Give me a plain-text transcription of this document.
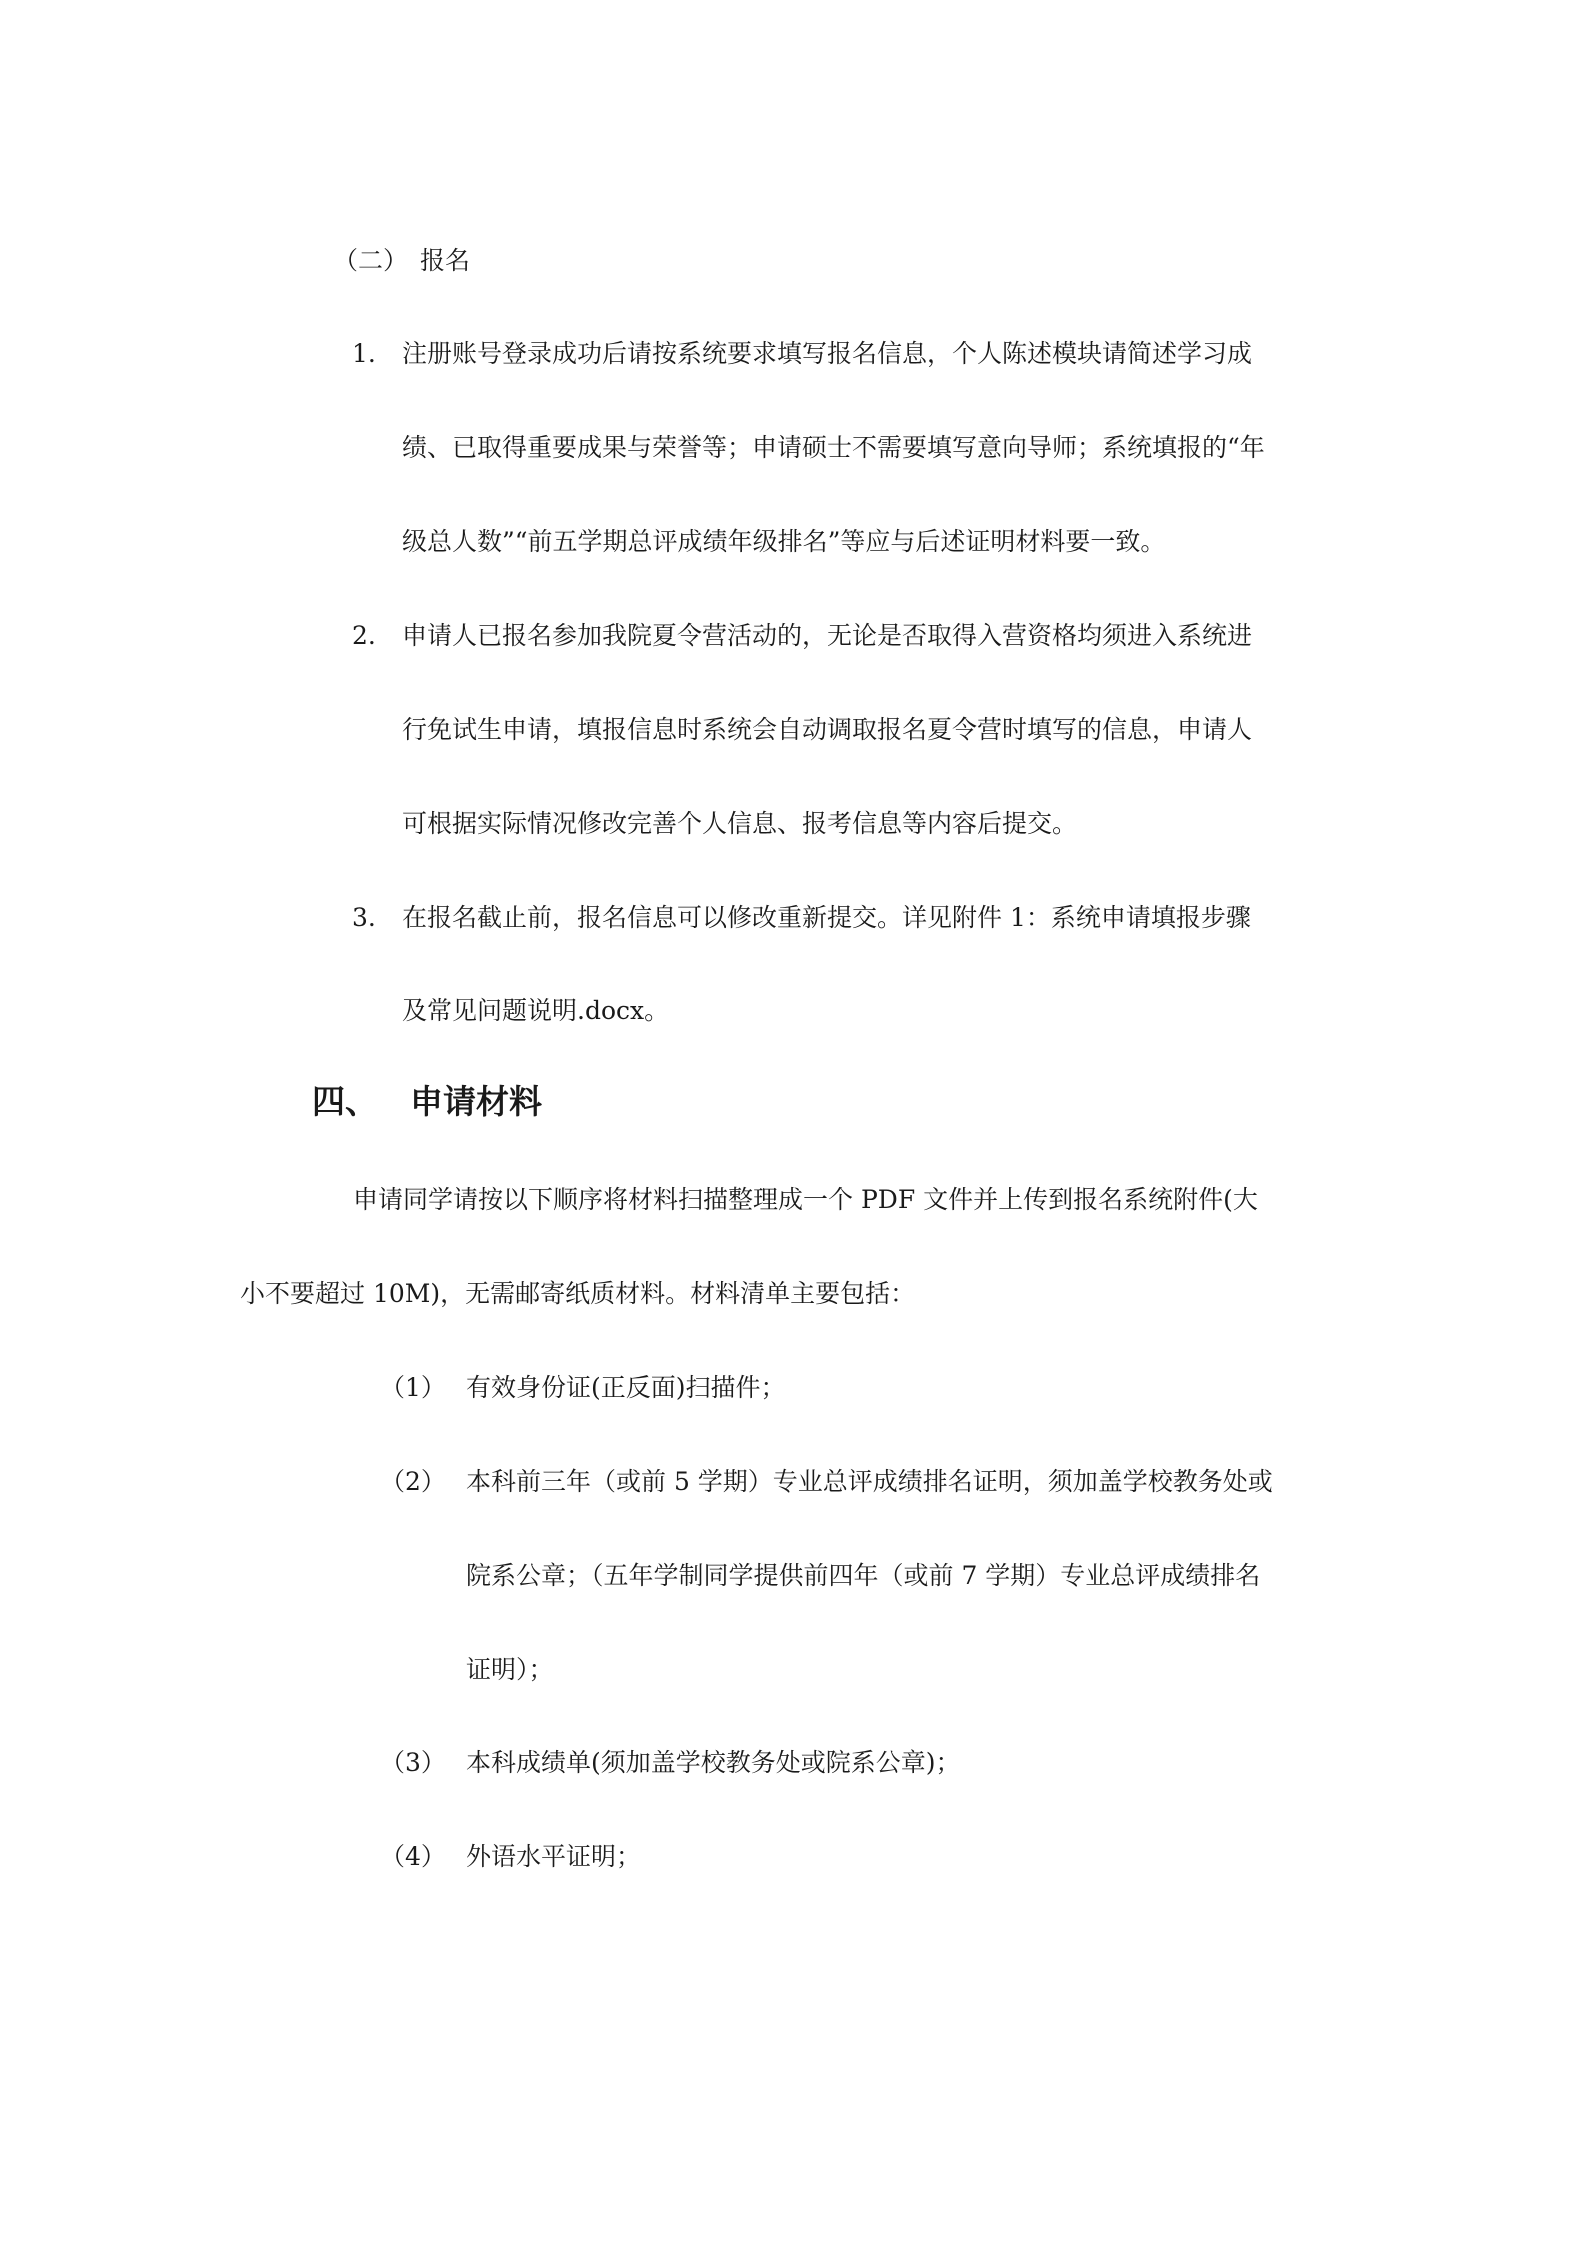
（二） 报名
1. 注册账号登录成功后请按系统要求填写报名信息，个人陈述模块请简述学习成
绩、已取得重要成果与荣誉等；申请硕士不需要填写意向导师；系统填报的“年
级总人数”“前五学期总评成绩年级排名”等应与后述证明材料要一致。
2. 申请人已报名参加我院夏令营活动的，无论是否取得入营资格均须进入系统进
行免试生申请，填报信息时系统会自动调取报名夏令营时填写的信息，申请人
可根据实际情况修改完善个人信息、报考信息等内容后提交。
3. 在报名截止前，报名信息可以修改重新提交。详见附件 1：系统申请填报步骤
及常见问题说明.docx。
四、 申请材料
申请同学请按以下顺序将材料扫描整理成一个 PDF 文件并上传到报名系统附件(大
小不要超过 10M)，无需邮寄纸质材料。材料清单主要包括：
（1） 有效身份证(正反面)扫描件；
（2） 本科前三年（或前 5 学期）专业总评成绩排名证明，须加盖学校教务处或
院系公章；（五年学制同学提供前四年（或前 7 学期）专业总评成绩排名
证明）；
（3） 本科成绩单(须加盖学校教务处或院系公章)；
（4） 外语水平证明；
